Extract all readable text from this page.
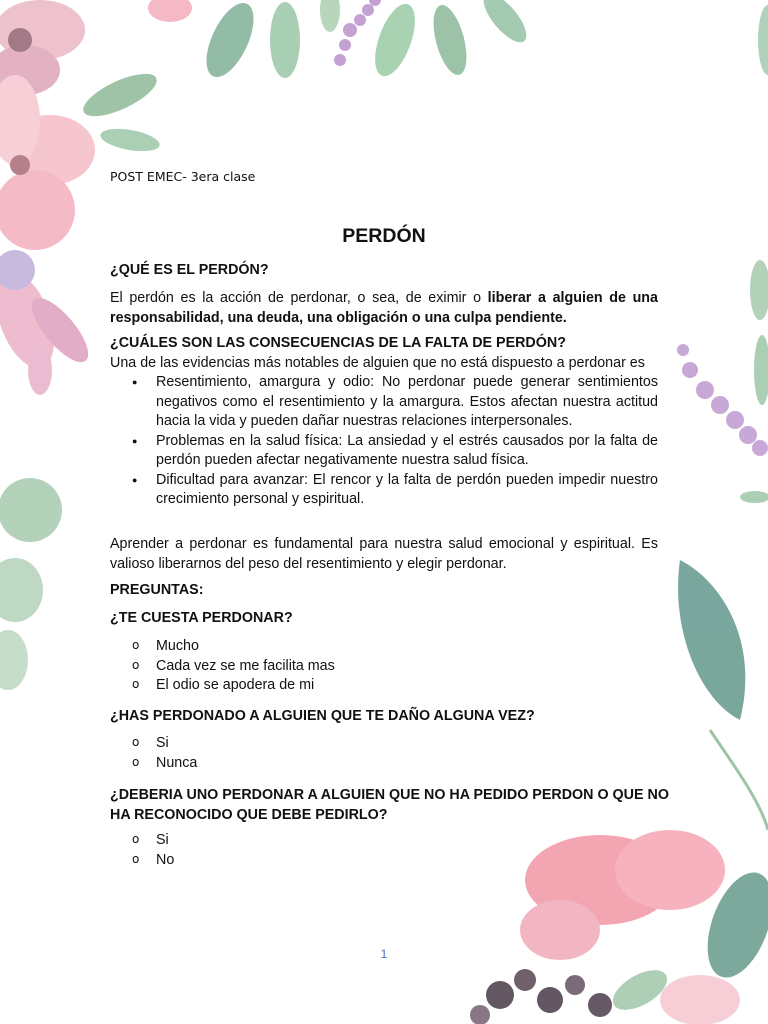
POST EMEC- 3era clase
PERDÓN
¿QUÉ ES EL PERDÓN?
El perdón es la acción de perdonar, o sea, de eximir o liberar a alguien de una responsabilidad, una deuda, una obligación o una culpa pendiente.
¿CUÁLES SON LAS CONSECUENCIAS DE LA FALTA DE PERDÓN?
Una de las evidencias más notables de alguien que no está dispuesto a perdonar es
● Resentimiento, amargura y odio: No perdonar puede generar sentimientos negativos como el resentimiento y la amargura. Estos afectan nuestra actitud hacia la vida y pueden dañar nuestras relaciones interpersonales.
● Problemas en la salud física: La ansiedad y el estrés causados por la falta de perdón pueden afectar negativamente nuestra salud física.
● Dificultad para avanzar: El rencor y la falta de perdón pueden impedir nuestro crecimiento personal y espiritual.
Aprender a perdonar es fundamental para nuestra salud emocional y espiritual. Es valioso liberarnos del peso del resentimiento y elegir perdonar.
PREGUNTAS:
¿TE CUESTA PERDONAR?
o Mucho
o Cada vez se me facilita mas
o El odio se apodera de mi
¿HAS PERDONADO A ALGUIEN QUE TE DAÑO ALGUNA VEZ?
o Si
o Nunca
¿DEBERIA UNO PERDONAR A ALGUIEN QUE NO HA PEDIDO PERDON O QUE NO HA RECONOCIDO QUE DEBE PEDIRLO?
o Si
o No
1
